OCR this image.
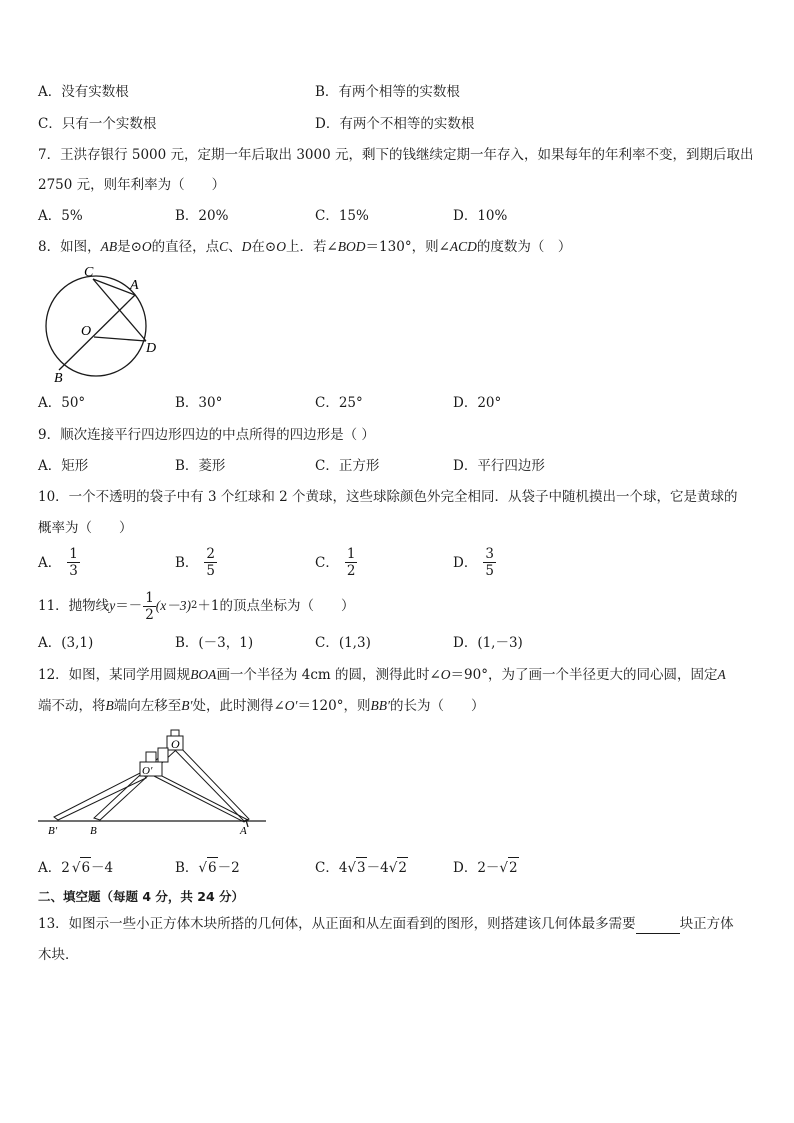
A．没有实数根	B．有两个相等的实数根
C．只有一个实数根	D．有两个不相等的实数根
7．王洪存银行 5000 元，定期一年后取出 3000 元，剩下的钱继续定期一年存入，如果每年的年利率不变，到期后取出
2750 元，则年利率为（　　）
A．5%	B．20%	C．15%	D．10%
8．如图，AB是⊙O的直径，点C、D在⊙O上．若∠BOD＝130°，则∠ACD的度数为（　）
C
A
O
D
B
A．50°	B．30°	C．25°	D．20°
9．顺次连接平行四边形四边的中点所得的四边形是（ ）
A．矩形	B．菱形	C．正方形	D．平行四边形
10．一个不透明的袋子中有 3 个红球和 2 个黄球，这些球除颜色外完全相同．从袋子中随机摸出一个球，它是黄球的
概率为（　　）
A． $\frac{1}{3}$	B． $\frac{2}{5}$	C． $\frac{1}{2}$	D． $\frac{3}{5}$
11．抛物线 $y =- \frac{1}{2} (x-3)$ 2 ＋1的顶点坐标为（　　）
A．(3,1)	B．(－3，1)	C．(1,3)	D．(1,－3)
12．如图，某同学用圆规BOA画一个半径为 4cm 的圆，测得此时∠O＝90°，为了画一个半径更大的同心圆，固定A
端不动，将B端向左移至B′处，此时测得∠O′＝120°，则BB′的长为（　　）
O
O′
B′	B	A
A．2 √ 6 －4	B． √ 6 －2	C．4 √ 3 －4 √ 2	D．2－ √ 2
二、填空题（每题 4 分，共 24 分）
13．如图示一些小正方体木块所搭的几何体，从正面和从左面看到的图形，则搭建该几何体最多需要	块正方体
木块．
